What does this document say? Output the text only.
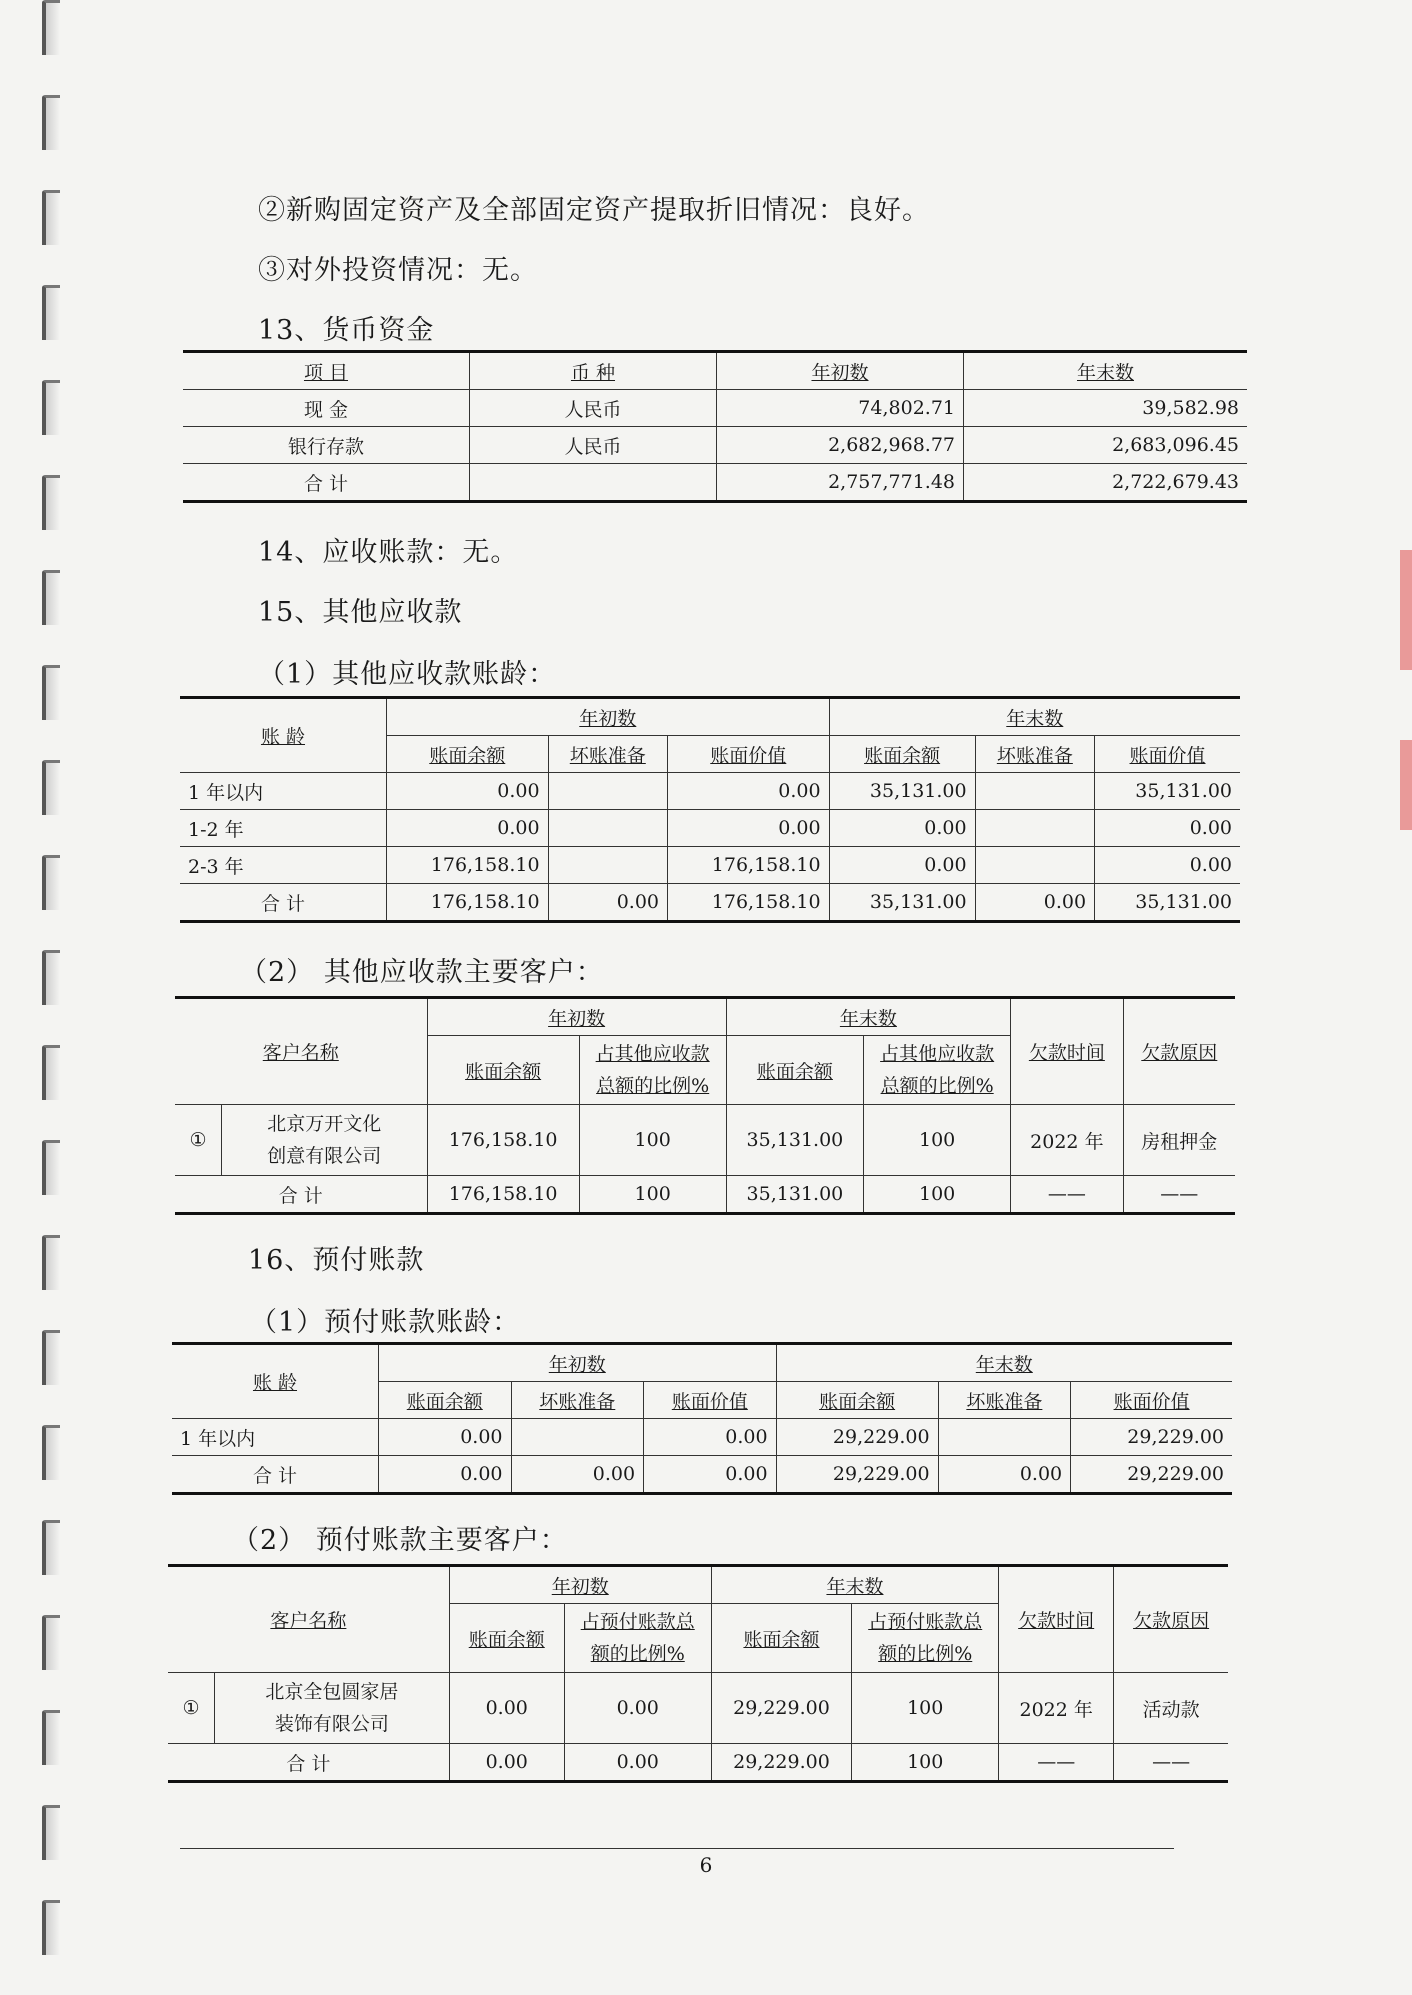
②新购固定资产及全部固定资产提取折旧情况：良好。
③对外投资情况：无。
13、货币资金
项 目	币 种	年初数	年末数
现 金	人民币	74,802.71	39,582.98
银行存款	人民币	2,682,968.77	2,683,096.45
合 计		2,757,771.48	2,722,679.43
14、应收账款：无。
15、其他应收款
（1）其他应收款账龄：
账 龄	年初数			年末数		
	账面余额	坏账准备	账面价值	账面余额	坏账准备	账面价值
1 年以内	0.00		0.00	35,131.00		35,131.00
1-2 年	0.00		0.00	0.00		0.00
2-3 年	176,158.10		176,158.10	0.00		0.00
合 计	176,158.10	0.00	176,158.10	35,131.00	0.00	35,131.00
（2） 其他应收款主要客户：
客户名称		年初数		年末数		欠款时间	欠款原因
		账面余额	占其他应收款总额的比例%	账面余额	占其他应收款总额的比例%		
①	北京万开文化
创意有限公司	176,158.10	100	35,131.00	100	2022 年	房租押金
合 计		176,158.10	100	35,131.00	100	——	——
16、预付账款
（1）预付账款账龄：
账 龄	年初数			年末数		
	账面余额	坏账准备	账面价值	账面余额	坏账准备	账面价值
1 年以内	0.00		0.00	29,229.00		29,229.00
合 计	0.00	0.00	0.00	29,229.00	0.00	29,229.00
（2） 预付账款主要客户：
客户名称		年初数		年末数		欠款时间	欠款原因
		账面余额	占预付账款总额的比例%	账面余额	占预付账款总额的比例%		
①	北京全包圆家居
装饰有限公司	0.00	0.00	29,229.00	100	2022 年	活动款
合 计		0.00	0.00	29,229.00	100	——	——
6
